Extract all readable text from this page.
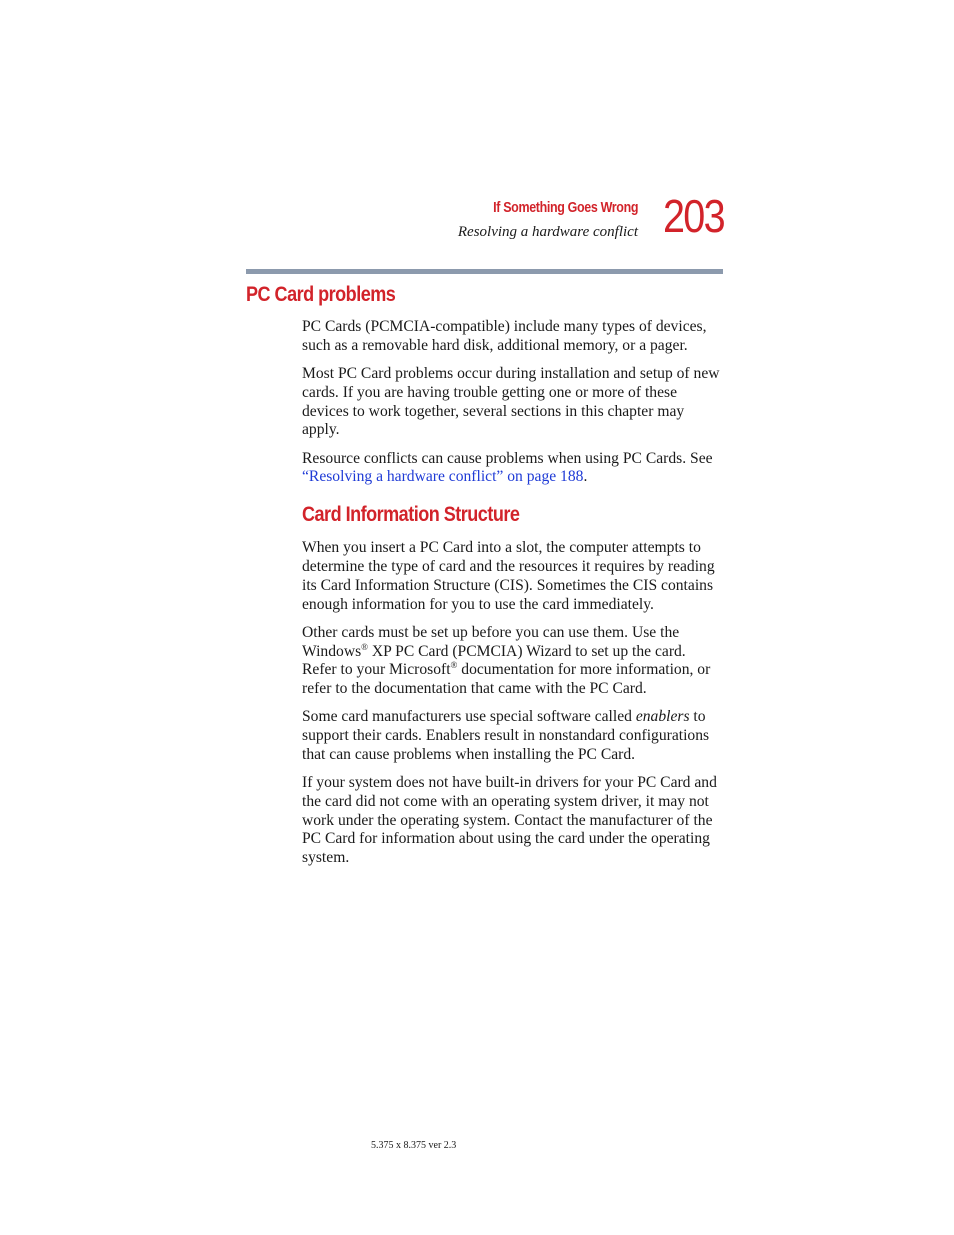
If Something Goes Wrong
Resolving a hardware conflict 203
PC Card problems

PC Cards (PCMCIA-compatible) include many types of devices, such as a removable hard disk, additional memory, or a pager.

Most PC Card problems occur during installation and setup of new cards. If you are having trouble getting one or more of these devices to work together, several sections in this chapter may apply.

Resource conflicts can cause problems when using PC Cards. See “Resolving a hardware conflict” on page 188.

Card Information Structure

When you insert a PC Card into a slot, the computer attempts to determine the type of card and the resources it requires by reading its Card Information Structure (CIS). Sometimes the CIS contains enough information for you to use the card immediately.

Other cards must be set up before you can use them. Use the Windows® XP PC Card (PCMCIA) Wizard to set up the card. Refer to your Microsoft® documentation for more information, or refer to the documentation that came with the PC Card.

Some card manufacturers use special software called enablers to support their cards. Enablers result in nonstandard configurations that can cause problems when installing the PC Card.

If your system does not have built-in drivers for your PC Card and the card did not come with an operating system driver, it may not work under the operating system. Contact the manufacturer of the PC Card for information about using the card under the operating system.

5.375 x 8.375 ver 2.3
